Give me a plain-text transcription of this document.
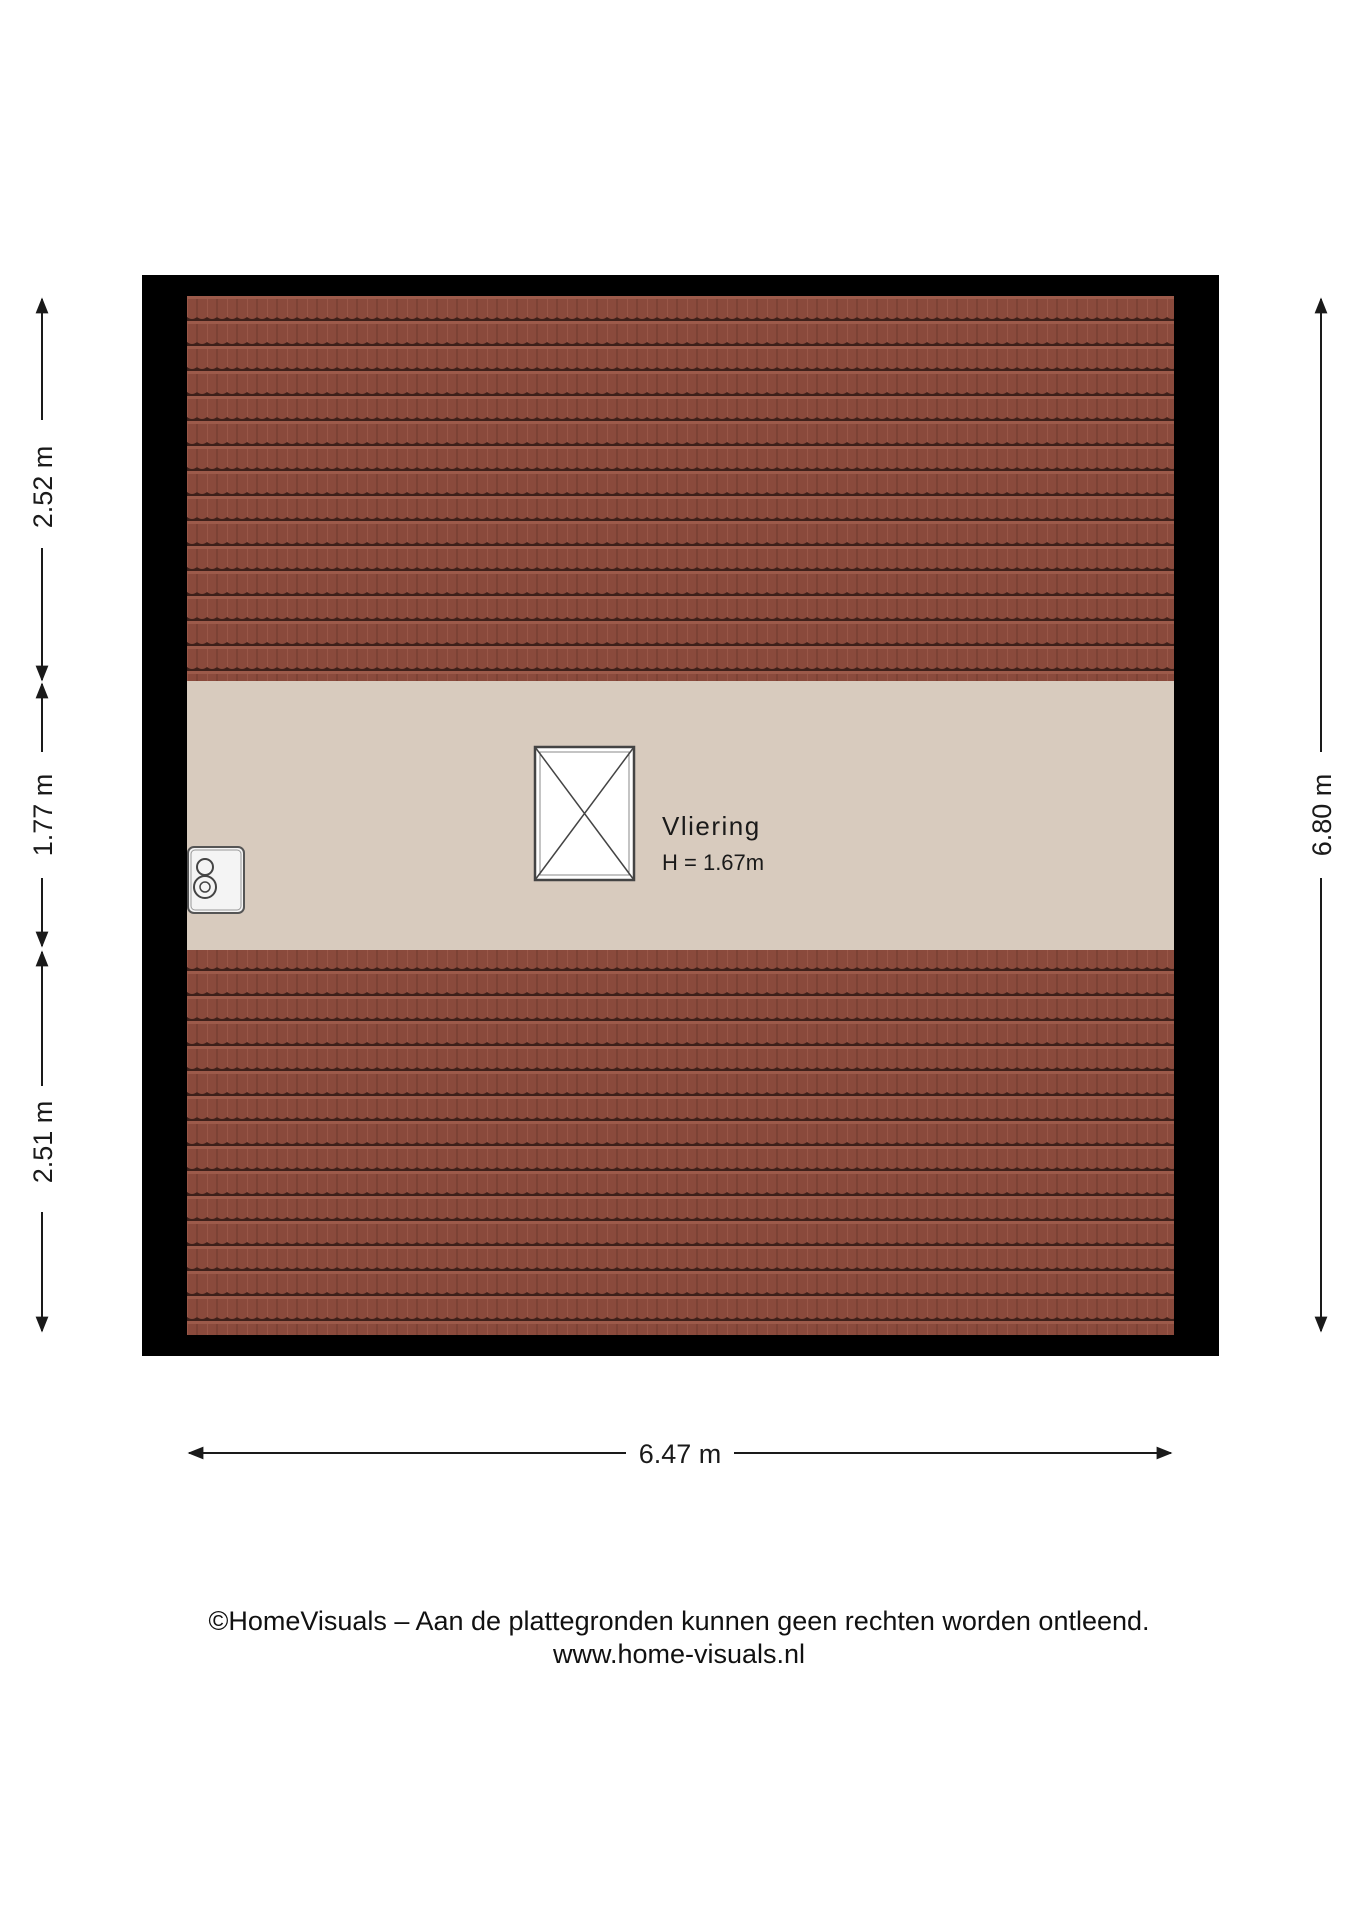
Vliering
H = 1.67m
2.52 m
1.77 m
2.51 m
6.80 m
6.47 m
©HomeVisuals – Aan de plattegronden kunnen geen rechten worden ontleend.
www.home-visuals.nl
